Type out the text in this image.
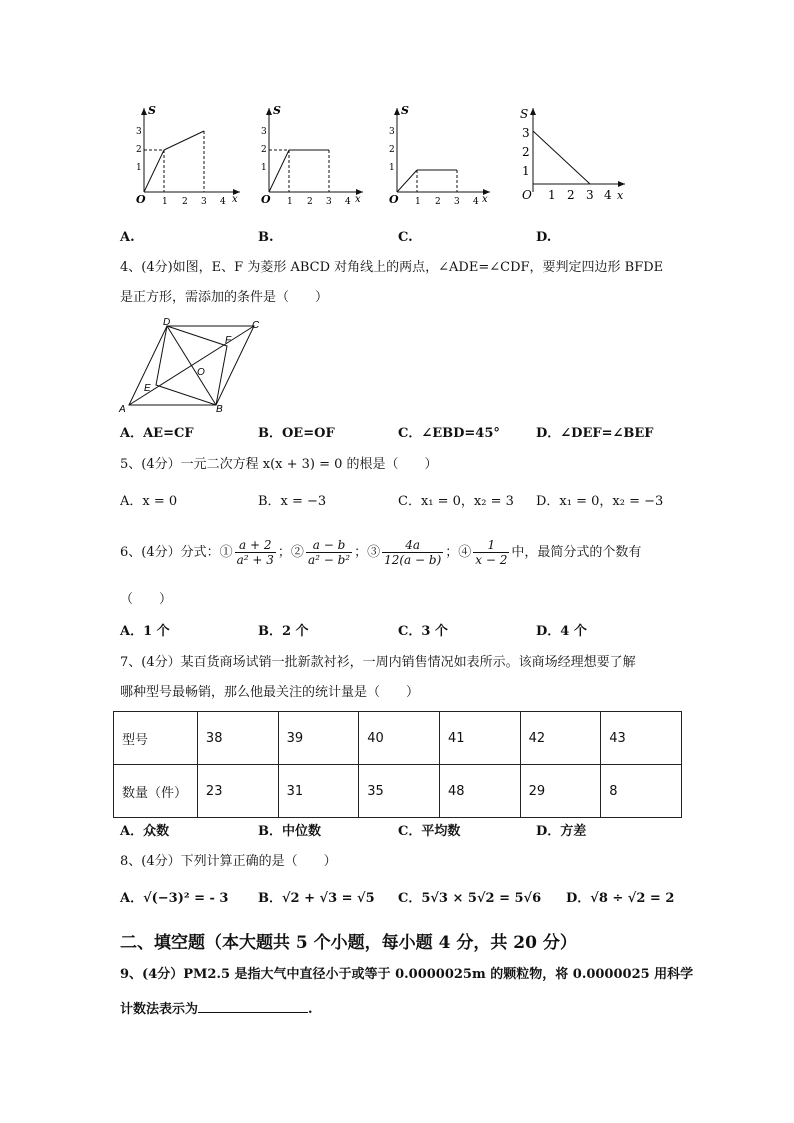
S
x
O
3
2
1
1 2 3 4
S
x
O
3
2
1
1 2 3 4
S
x
O
3
2
1
1 2 3 4
S
x
O
3
2
1
1 2 3 4
A.	B.	C.	D.
4、(4分)如图，E、F 为菱形 ABCD 对角线上的两点，∠ADE=∠CDF，要判定四边形 BFDE
是正方形，需添加的条件是（　　）
D	C
F
O
E
A	B
A．AE=CF	B．OE=OF	C．∠EBD=45°	D．∠DEF=∠BEF
5、(4分）一元二次方程 x(x + 3) = 0 的根是（　　）
A．x = 0	B．x = −3	C．x₁ = 0，x₂ = 3 D．x₁ = 0，x₂ = −3
6、(4分）分式：① $\frac{a + 2}{\text{a² + 3}}$ ；② $\frac{a - b}{\text{a² − b²}}$ ；③ $\frac{4a}{12(a - b)}$ ；④ $\frac{1}{x - 2}$ 中，最简分式的个数有
（　　）
A．1 个	B．2 个	C．3 个	D．4 个
7、(4分）某百货商场试销一批新款衬衫，一周内销售情况如表所示。该商场经理想要了解
哪种型号最畅销，那么他最关注的统计量是（　　）
型号	38	39	40	41	42	43
数量（件）	23	31	35	48	29	8
A．众数	B．中位数	C．平均数	D．方差
8、(4分）下列计算正确的是（　　）
A．√(−3)² = - 3 B．√2 + √3 = √5 C．5√3 × 5√2 = 5√6 D．√8 ÷ √2 = 2
二、填空题（本大题共 5 个小题，每小题 4 分，共 20 分）
9、(4分）PM2.5 是指大气中直径小于或等于 0.0000025m 的颗粒物，将 0.0000025 用科学
计数法表示为	.
